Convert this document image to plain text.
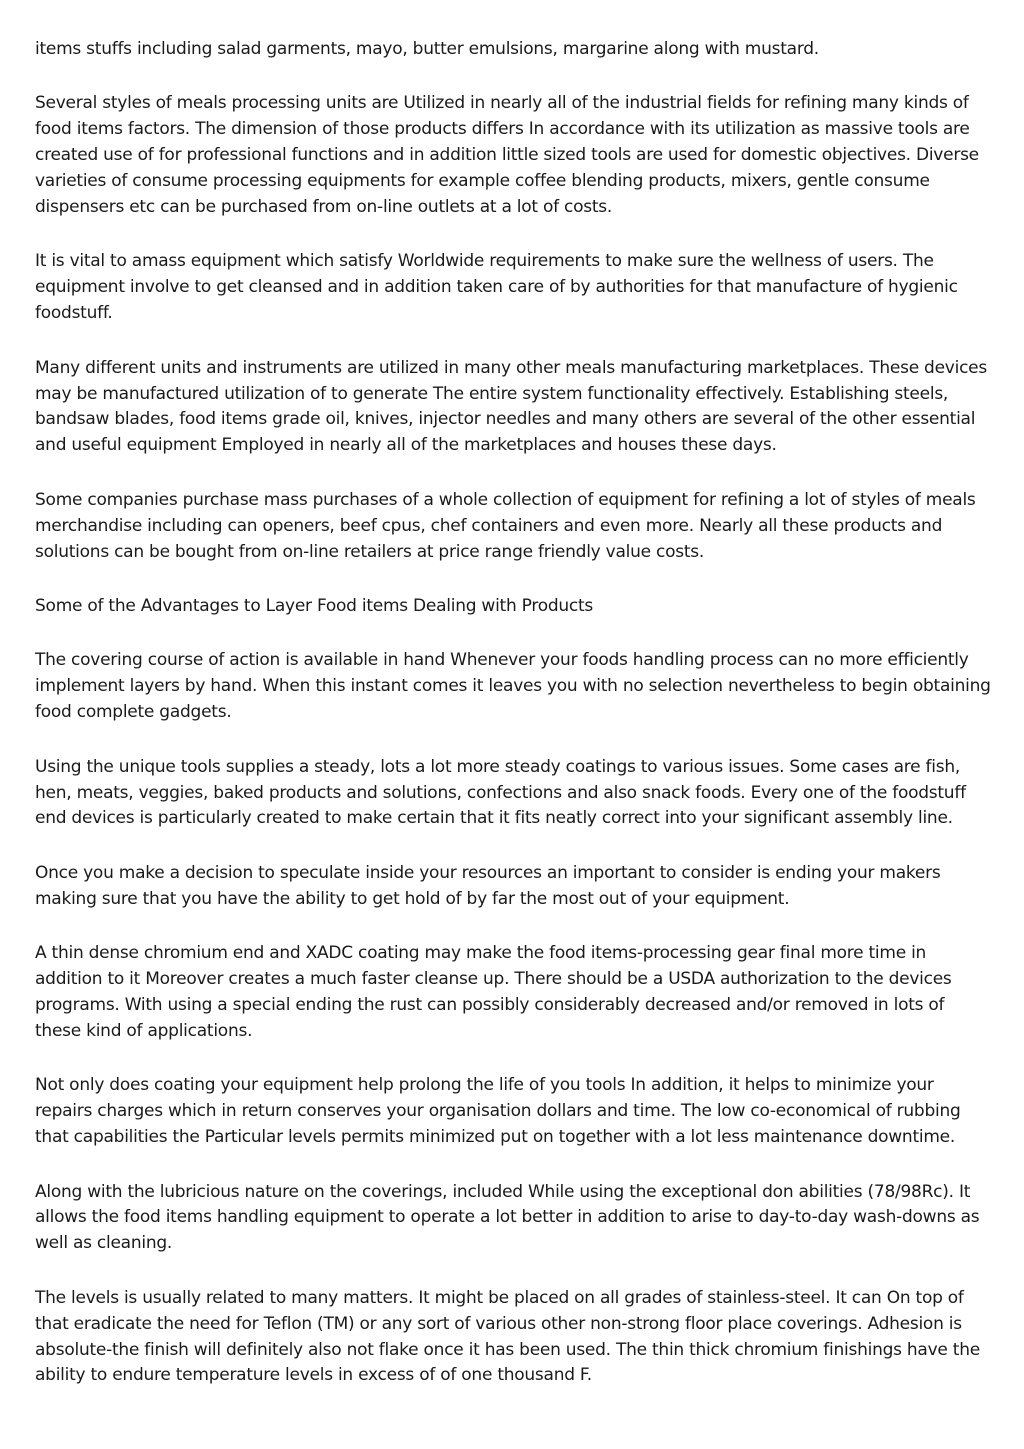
items stuffs including salad garments, mayo, butter emulsions, margarine along with mustard.

Several styles of meals processing units are Utilized in nearly all of the industrial fields for refining many kinds of food items factors. The dimension of those products differs In accordance with its utilization as massive tools are created use of for professional functions and in addition little sized tools are used for domestic objectives. Diverse varieties of consume processing equipments for example coffee blending products, mixers, gentle consume dispensers etc can be purchased from on-line outlets at a lot of costs.

It is vital to amass equipment which satisfy Worldwide requirements to make sure the wellness of users. The equipment involve to get cleansed and in addition taken care of by authorities for that manufacture of hygienic foodstuff.

Many different units and instruments are utilized in many other meals manufacturing marketplaces. These devices may be manufactured utilization of to generate The entire system functionality effectively. Establishing steels, bandsaw blades, food items grade oil, knives, injector needles and many others are several of the other essential and useful equipment Employed in nearly all of the marketplaces and houses these days.

Some companies purchase mass purchases of a whole collection of equipment for refining a lot of styles of meals merchandise including can openers, beef cpus, chef containers and even more. Nearly all these products and solutions can be bought from on-line retailers at price range friendly value costs.

Some of the Advantages to Layer Food items Dealing with Products

The covering course of action is available in hand Whenever your foods handling process can no more efficiently implement layers by hand. When this instant comes it leaves you with no selection nevertheless to begin obtaining food complete gadgets.

Using the unique tools supplies a steady, lots a lot more steady coatings to various issues. Some cases are fish, hen, meats, veggies, baked products and solutions, confections and also snack foods. Every one of the foodstuff end devices is particularly created to make certain that it fits neatly correct into your significant assembly line.

Once you make a decision to speculate inside your resources an important to consider is ending your makers making sure that you have the ability to get hold of by far the most out of your equipment.

A thin dense chromium end and XADC coating may make the food items-processing gear final more time in addition to it Moreover creates a much faster cleanse up. There should be a USDA authorization to the devices programs. With using a special ending the rust can possibly considerably decreased and/or removed in lots of these kind of applications.

Not only does coating your equipment help prolong the life of you tools In addition, it helps to minimize your repairs charges which in return conserves your organisation dollars and time. The low co-economical of rubbing that capabilities the Particular levels permits minimized put on together with a lot less maintenance downtime.

Along with the lubricious nature on the coverings, included While using the exceptional don abilities (78/98Rc). It allows the food items handling equipment to operate a lot better in addition to arise to day-to-day wash-downs as well as cleaning.

The levels is usually related to many matters. It might be placed on all grades of stainless-steel. It can On top of that eradicate the need for Teflon (TM) or any sort of various other non-strong floor place coverings. Adhesion is absolute-the finish will definitely also not flake once it has been used. The thin thick chromium finishings have the ability to endure temperature levels in excess of of one thousand F.
